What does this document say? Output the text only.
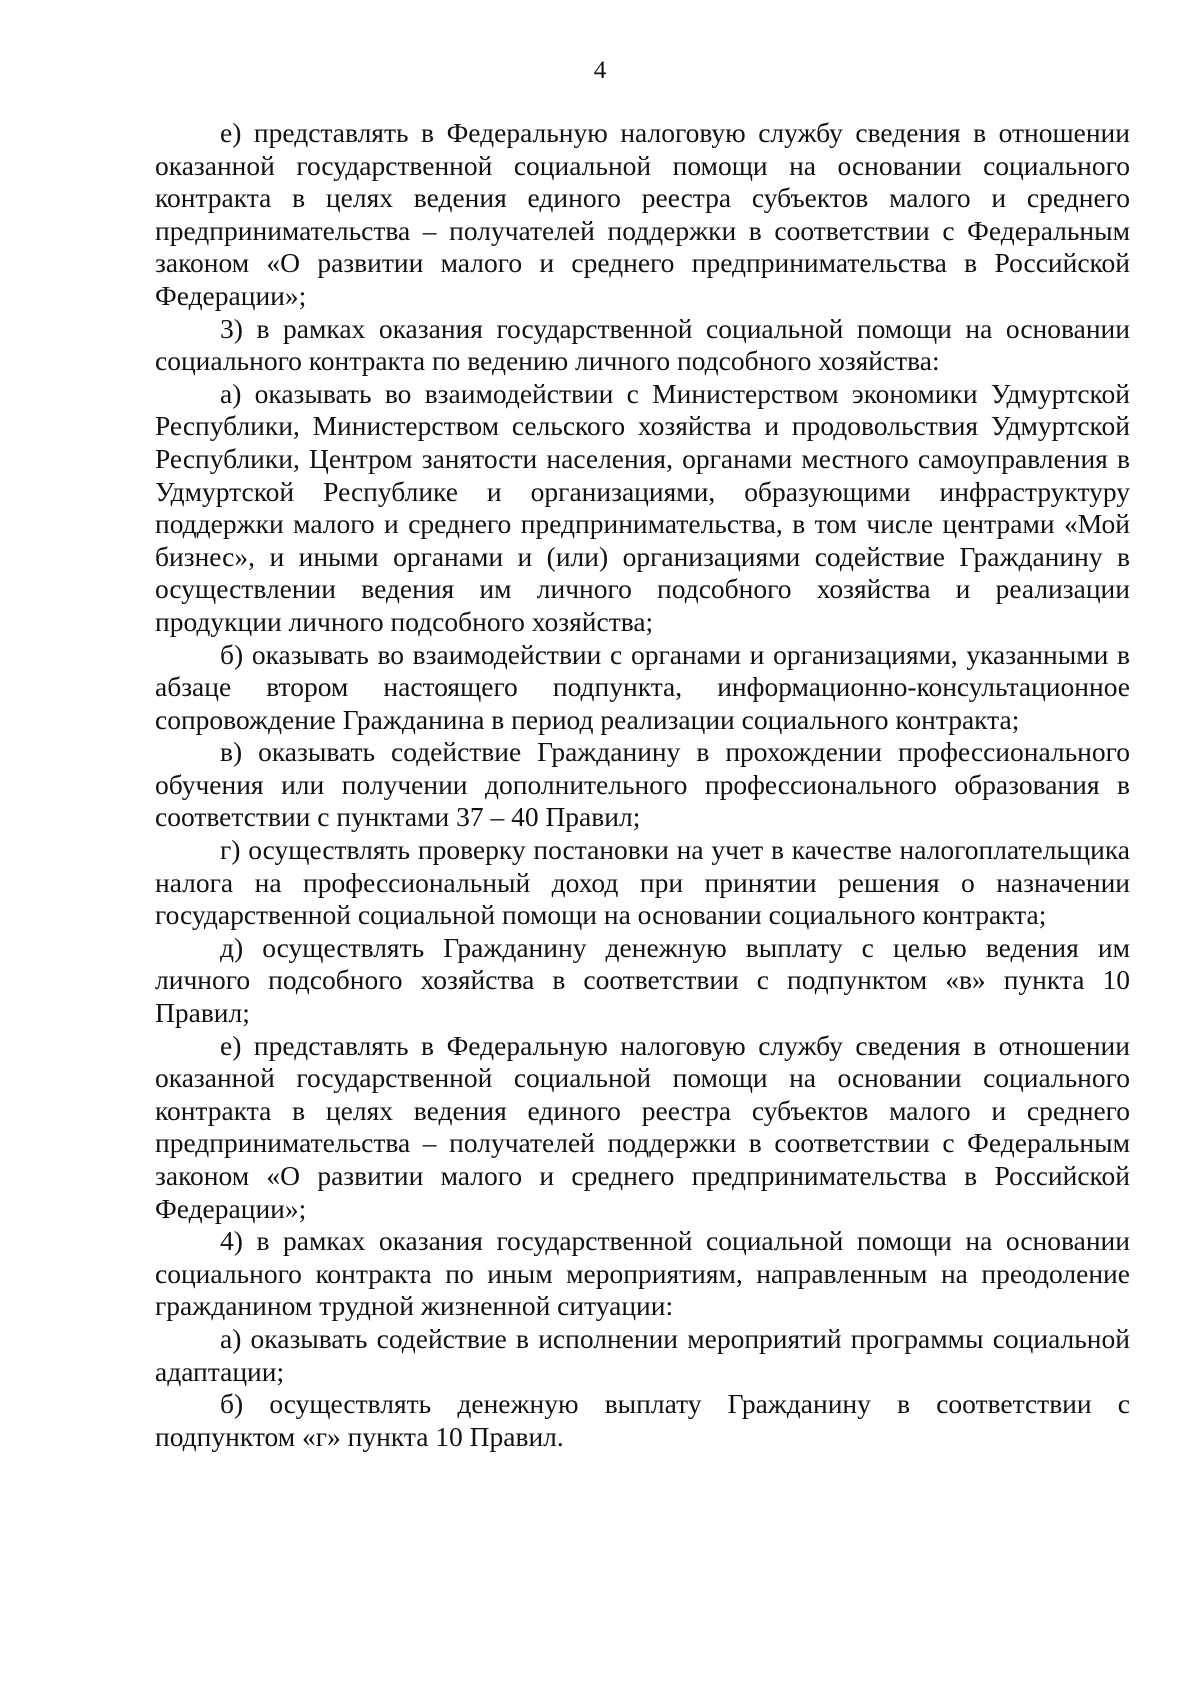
4

е) представлять в Федеральную налоговую службу сведения в отношении оказанной государственной социальной помощи на основании социального контракта в целях ведения единого реестра субъектов малого и среднего предпринимательства – получателей поддержки в соответствии с Федеральным законом «О развитии малого и среднего предпринимательства в Российской Федерации»;

3) в рамках оказания государственной социальной помощи на основании социального контракта по ведению личного подсобного хозяйства:

а) оказывать во взаимодействии с Министерством экономики Удмуртской Республики, Министерством сельского хозяйства и продовольствия Удмуртской Республики, Центром занятости населения, органами местного самоуправления в Удмуртской Республике и организациями, образующими инфраструктуру поддержки малого и среднего предпринимательства, в том числе центрами «Мой бизнес», и иными органами и (или) организациями содействие Гражданину в осуществлении ведения им личного подсобного хозяйства и реализации продукции личного подсобного хозяйства;

б) оказывать во взаимодействии с органами и организациями, указанными в абзаце втором настоящего подпункта, информационно-консультационное сопровождение Гражданина в период реализации социального контракта;

в) оказывать содействие Гражданину в прохождении профессионального обучения или получении дополнительного профессионального образования в соответствии с пунктами 37 – 40 Правил;

г) осуществлять проверку постановки на учет в качестве налогоплательщика налога на профессиональный доход при принятии решения о назначении государственной социальной помощи на основании социального контракта;

д) осуществлять Гражданину денежную выплату с целью ведения им личного подсобного хозяйства в соответствии с подпунктом «в» пункта 10 Правил;

е) представлять в Федеральную налоговую службу сведения в отношении оказанной государственной социальной помощи на основании социального контракта в целях ведения единого реестра субъектов малого и среднего предпринимательства – получателей поддержки в соответствии с Федеральным законом «О развитии малого и среднего предпринимательства в Российской Федерации»;

4) в рамках оказания государственной социальной помощи на основании социального контракта по иным мероприятиям, направленным на преодоление гражданином трудной жизненной ситуации:

а) оказывать содействие в исполнении мероприятий программы социальной адаптации;

б) осуществлять денежную выплату Гражданину в соответствии с подпунктом «г» пункта 10 Правил.
